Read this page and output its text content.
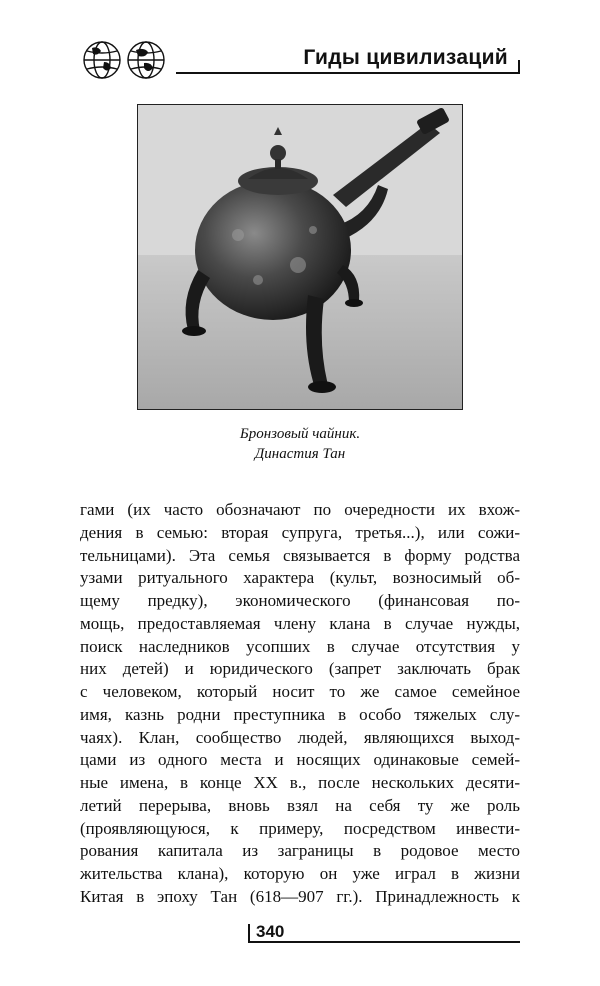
Гиды цивилизаций
Бронзовый чайник.
Династия Тан
гами (их часто обозначают по очередности их вхож-
дения в семью: вторая супруга, третья...), или сожи-
тельницами). Эта семья связывается в форму родства
узами ритуального характера (культ, возносимый об-
щему предку), экономического (финансовая по-
мощь, предоставляемая члену клана в случае нужды,
поиск наследников усопших в случае отсутствия у
них детей) и юридического (запрет заключать брак
с человеком, который носит то же самое семейное
имя, казнь родни преступника в особо тяжелых слу-
чаях). Клан, сообщество людей, являющихся выход-
цами из одного места и носящих одинаковые семей-
ные имена, в конце XX в., после нескольких десяти-
летий перерыва, вновь взял на себя ту же роль
(проявляющуюся, к примеру, посредством инвести-
рования капитала из заграницы в родовое место
жительства клана), которую он уже играл в жизни
Китая в эпоху Тан (618—907 гг.). Принадлежность к
340
